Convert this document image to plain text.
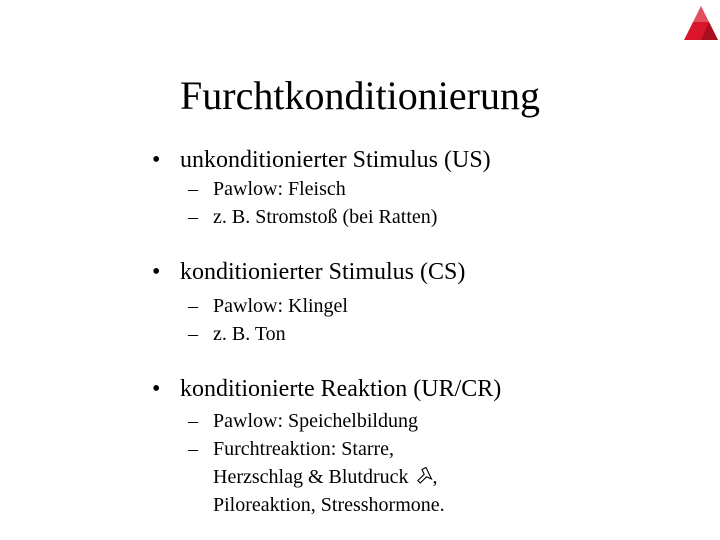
Furchtkonditionierung
• unkonditionierter Stimulus (US)
– Pawlow: Fleisch
– z. B. Stromstoß (bei Ratten)
• konditionierter Stimulus (CS)
– Pawlow: Klingel
– z. B. Ton
• konditionierte Reaktion (UR/CR)
– Pawlow: Speichelbildung
– Furchtreaktion: Starre,
Herzschlag & Blutdruck ,
Piloreaktion, Stresshormone.
